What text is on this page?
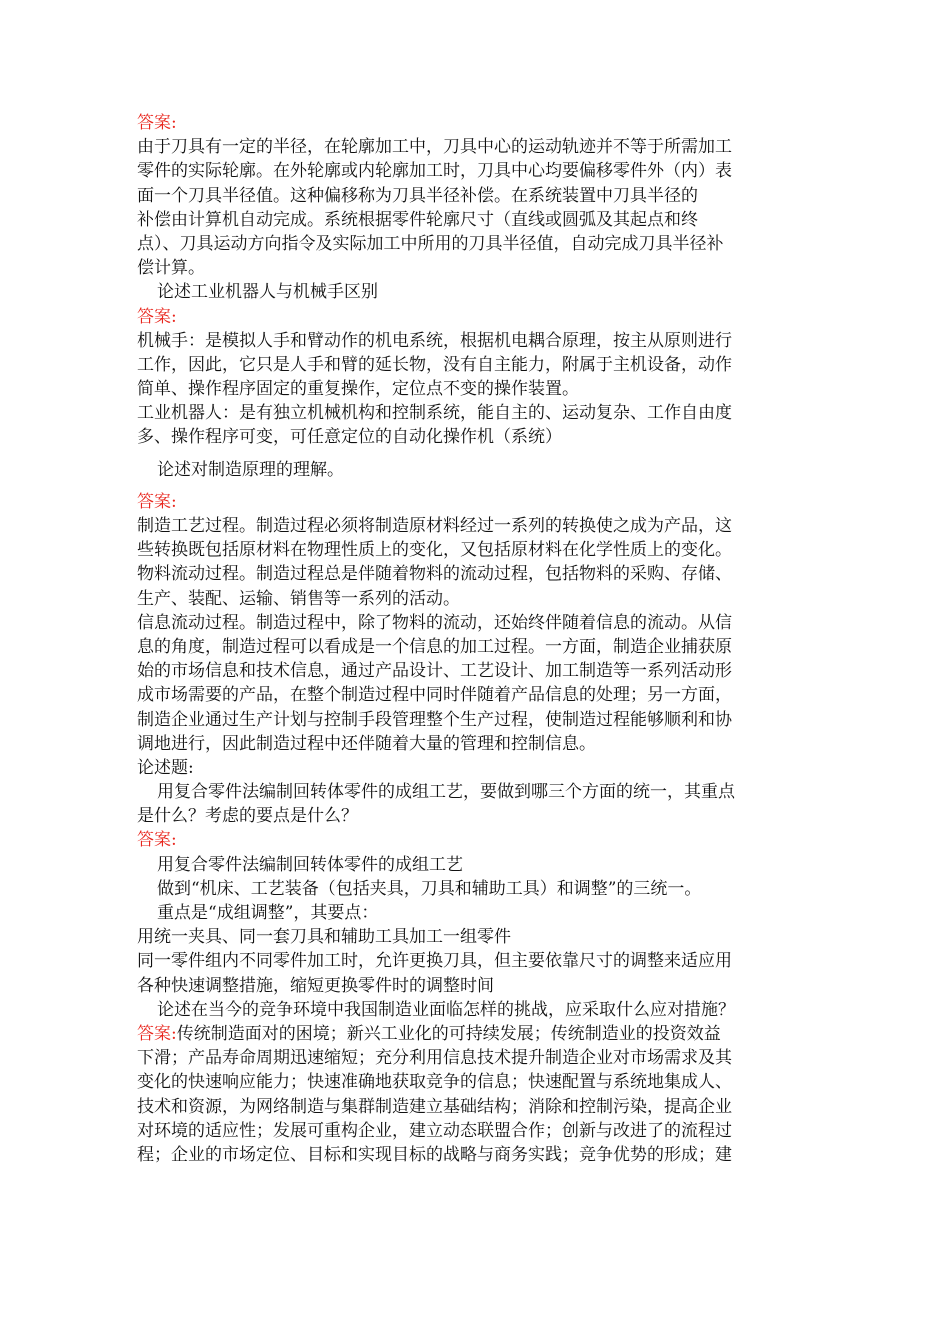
答案:
由于刀具有一定的半径，在轮廓加工中，刀具中心的运动轨迹并不等于所需加工
零件的实际轮廓。在外轮廓或内轮廓加工时，刀具中心均要偏移零件外（内）表
面一个刀具半径值。这种偏移称为刀具半径补偿。在系统装置中刀具半径的
补偿由计算机自动完成。系统根据零件轮廓尺寸（直线或圆弧及其起点和终
点）、刀具运动方向指令及实际加工中所用的刀具半径值，自动完成刀具半径补
偿计算。
论述工业机器人与机械手区别
答案:
机械手：是模拟人手和臂动作的机电系统，根据机电耦合原理，按主从原则进行
工作，因此，它只是人手和臂的延长物，没有自主能力，附属于主机设备，动作
简单、操作程序固定的重复操作，定位点不变的操作装置。
工业机器人：是有独立机械机构和控制系统，能自主的、运动复杂、工作自由度
多、操作程序可变，可任意定位的自动化操作机（系统）
论述对制造原理的理解。
答案:
制造工艺过程。制造过程必须将制造原材料经过一系列的转换使之成为产品，这
些转换既包括原材料在物理性质上的变化，又包括原材料在化学性质上的变化。
物料流动过程。制造过程总是伴随着物料的流动过程，包括物料的采购、存储、
生产、装配、运输、销售等一系列的活动。
信息流动过程。制造过程中，除了物料的流动，还始终伴随着信息的流动。从信
息的角度，制造过程可以看成是一个信息的加工过程。一方面，制造企业捕获原
始的市场信息和技术信息，通过产品设计、工艺设计、加工制造等一系列活动形
成市场需要的产品，在整个制造过程中同时伴随着产品信息的处理；另一方面，
制造企业通过生产计划与控制手段管理整个生产过程，使制造过程能够顺利和协
调地进行，因此制造过程中还伴随着大量的管理和控制信息。
论述题:
用复合零件法编制回转体零件的成组工艺，要做到哪三个方面的统一，其重点
是什么？考虑的要点是什么？
答案:
用复合零件法编制回转体零件的成组工艺
做到“机床、工艺装备（包括夹具，刀具和辅助工具）和调整”的三统一。
重点是“成组调整”，其要点：
用统一夹具、同一套刀具和辅助工具加工一组零件
同一零件组内不同零件加工时，允许更换刀具，但主要依靠尺寸的调整来适应用
各种快速调整措施，缩短更换零件时的调整时间
论述在当今的竞争环境中我国制造业面临怎样的挑战，应采取什么应对措施？
答案:传统制造面对的困境；新兴工业化的可持续发展；传统制造业的投资效益
下滑；产品寿命周期迅速缩短；充分利用信息技术提升制造企业对市场需求及其
变化的快速响应能力；快速准确地获取竞争的信息；快速配置与系统地集成人、
技术和资源，为网络制造与集群制造建立基础结构；消除和控制污染，提高企业
对环境的适应性；发展可重构企业，建立动态联盟合作；创新与改进了的流程过
程；企业的市场定位、目标和实现目标的战略与商务实践；竞争优势的形成；建
